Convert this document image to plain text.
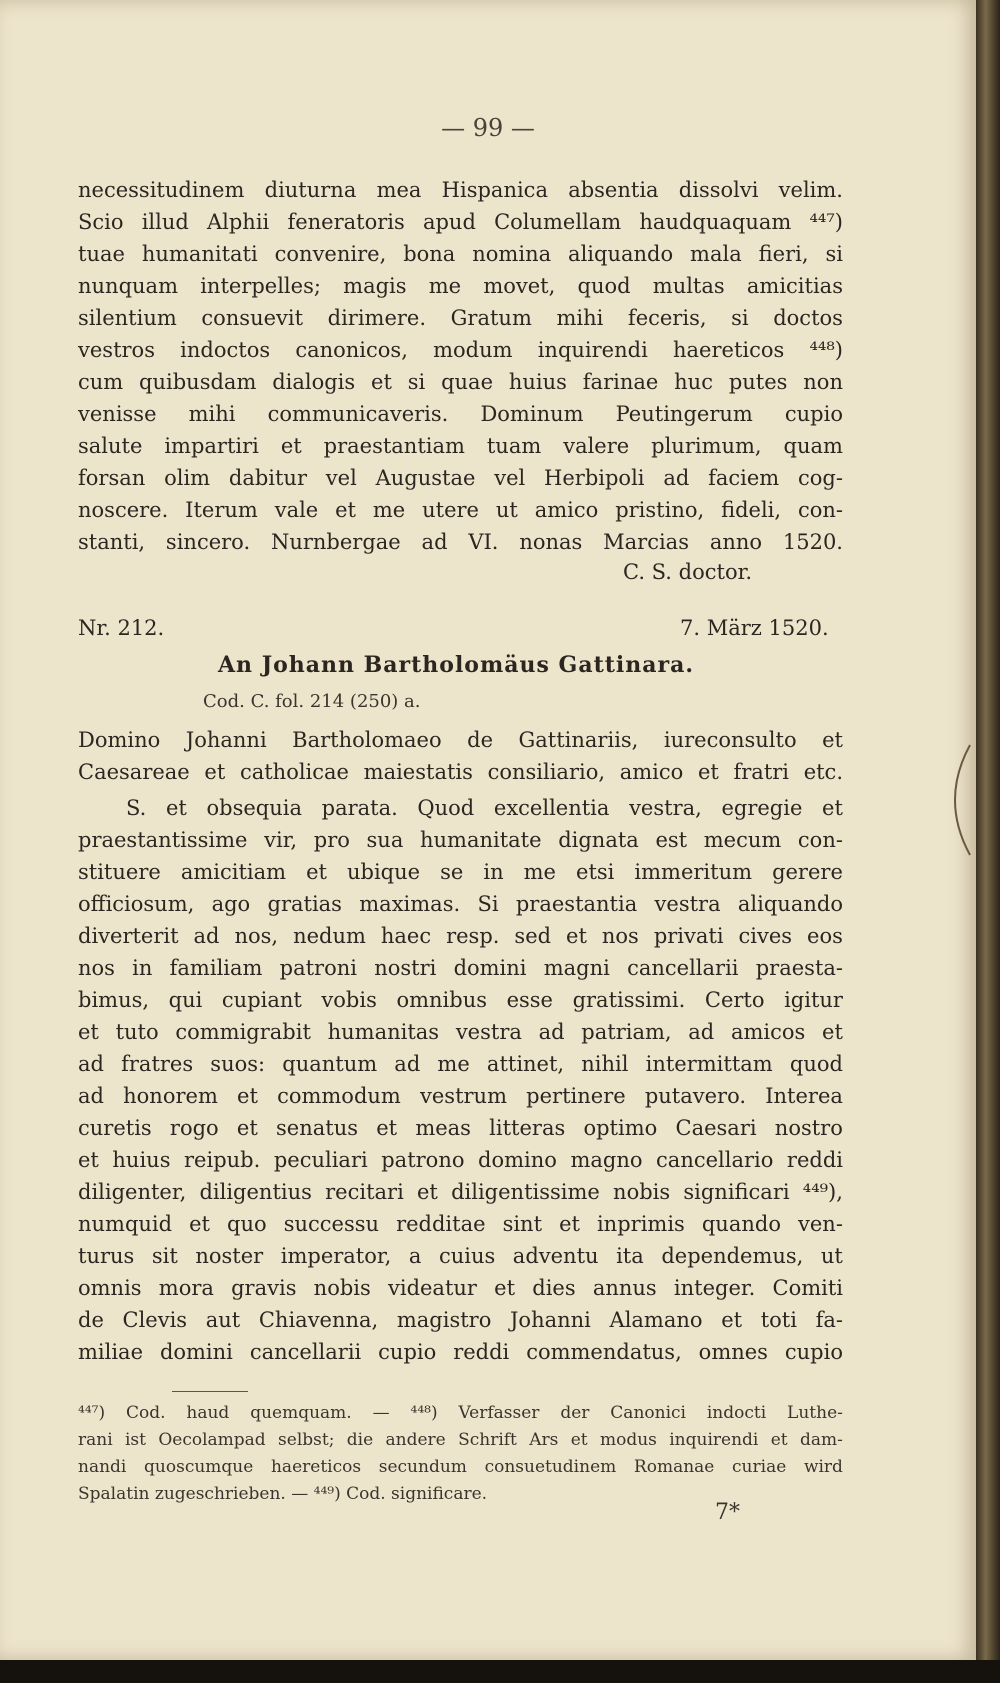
— 99 —
necessitudinem diuturna mea Hispanica absentia dissolvi velim.
Scio illud Alphii feneratoris apud Columellam haudquaquam ⁴⁴⁷)
tuae humanitati convenire, bona nomina aliquando mala fieri, si
nunquam interpelles; magis me movet, quod multas amicitias
silentium consuevit dirimere. Gratum mihi feceris, si doctos
vestros indoctos canonicos, modum inquirendi haereticos ⁴⁴⁸)
cum quibusdam dialogis et si quae huius farinae huc putes non
venisse mihi communicaveris. Dominum Peutingerum cupio
salute impartiri et praestantiam tuam valere plurimum, quam
forsan olim dabitur vel Augustae vel Herbipoli ad faciem cog-
noscere. Iterum vale et me utere ut amico pristino, fideli, con-
stanti, sincero. Nurnbergae ad VI. nonas Marcias anno 1520.
C. S. doctor.
Nr. 212.	7. März 1520.
An Johann Bartholomäus Gattinara.
Cod. C. fol. 214 (250) a.
Domino Johanni Bartholomaeo de Gattinariis, iureconsulto et
Caesareae et catholicae maiestatis consiliario, amico et fratri etc.
S. et obsequia parata. Quod excellentia vestra, egregie et
praestantissime vir, pro sua humanitate dignata est mecum con-
stituere amicitiam et ubique se in me etsi immeritum gerere
officiosum, ago gratias maximas. Si praestantia vestra aliquando
diverterit ad nos, nedum haec resp. sed et nos privati cives eos
nos in familiam patroni nostri domini magni cancellarii praesta-
bimus, qui cupiant vobis omnibus esse gratissimi. Certo igitur
et tuto commigrabit humanitas vestra ad patriam, ad amicos et
ad fratres suos: quantum ad me attinet, nihil intermittam quod
ad honorem et commodum vestrum pertinere putavero. Interea
curetis rogo et senatus et meas litteras optimo Caesari nostro
et huius reipub. peculiari patrono domino magno cancellario reddi
diligenter, diligentius recitari et diligentissime nobis significari ⁴⁴⁹),
numquid et quo successu redditae sint et inprimis quando ven-
turus sit noster imperator, a cuius adventu ita dependemus, ut
omnis mora gravis nobis videatur et dies annus integer. Comiti
de Clevis aut Chiavenna, magistro Johanni Alamano et toti fa-
miliae domini cancellarii cupio reddi commendatus, omnes cupio
⁴⁴⁷) Cod. haud quemquam. — ⁴⁴⁸) Verfasser der Canonici indocti Luthe-
rani ist Oecolampad selbst; die andere Schrift Ars et modus inquirendi et dam-
nandi quoscumque haereticos secundum consuetudinem Romanae curiae wird
Spalatin zugeschrieben. — ⁴⁴⁹) Cod. significare.
7*
